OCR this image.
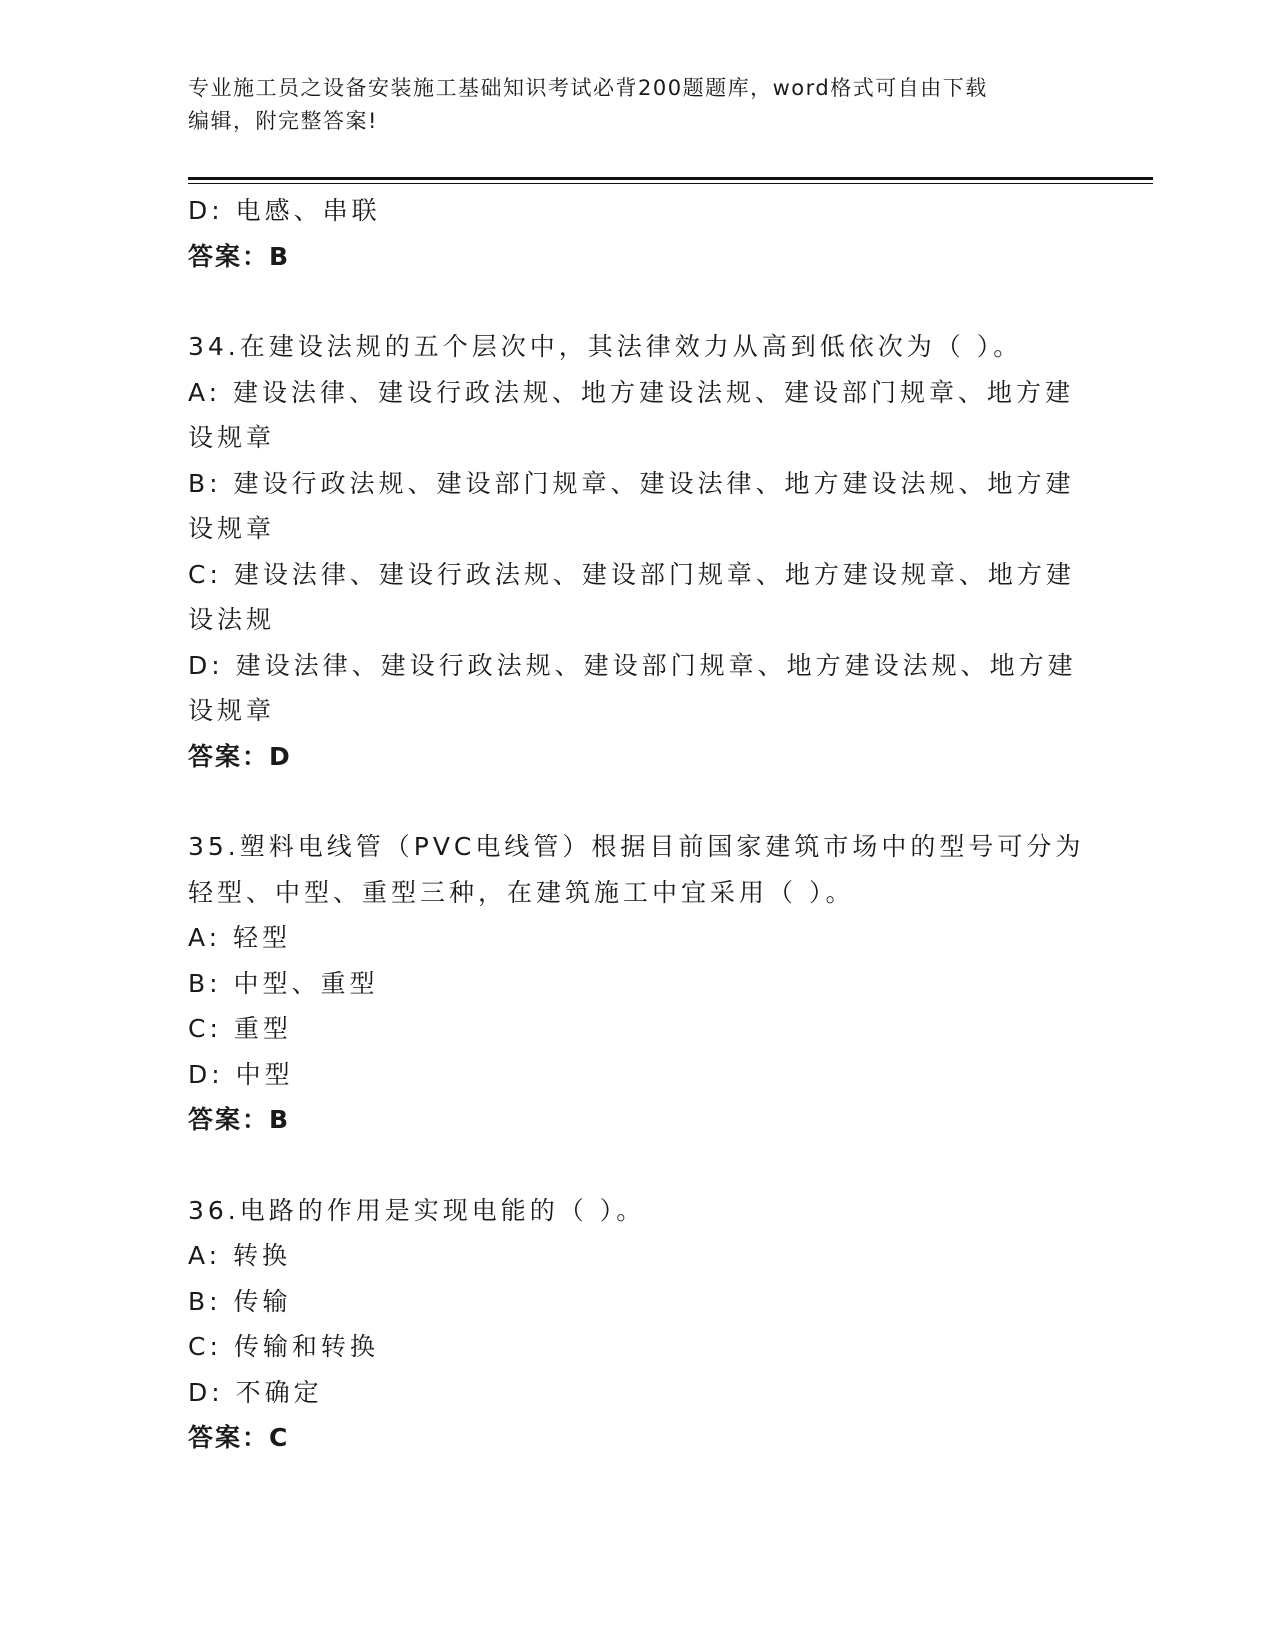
专业施工员之设备安装施工基础知识考试必背200题题库，word格式可自由下载
编辑，附完整答案!
D: 电感、串联
答案：B
34.在建设法规的五个层次中，其法律效力从高到低依次为（ ）。
A: 建设法律、建设行政法规、地方建设法规、建设部门规章、地方建
设规章
B: 建设行政法规、建设部门规章、建设法律、地方建设法规、地方建
设规章
C: 建设法律、建设行政法规、建设部门规章、地方建设规章、地方建
设法规
D: 建设法律、建设行政法规、建设部门规章、地方建设法规、地方建
设规章
答案：D
35.塑料电线管（PVC电线管）根据目前国家建筑市场中的型号可分为
轻型、中型、重型三种，在建筑施工中宜采用（ ）。
A: 轻型
B: 中型、重型
C: 重型
D: 中型
答案：B
36.电路的作用是实现电能的（ ）。
A: 转换
B: 传输
C: 传输和转换
D: 不确定
答案：C
